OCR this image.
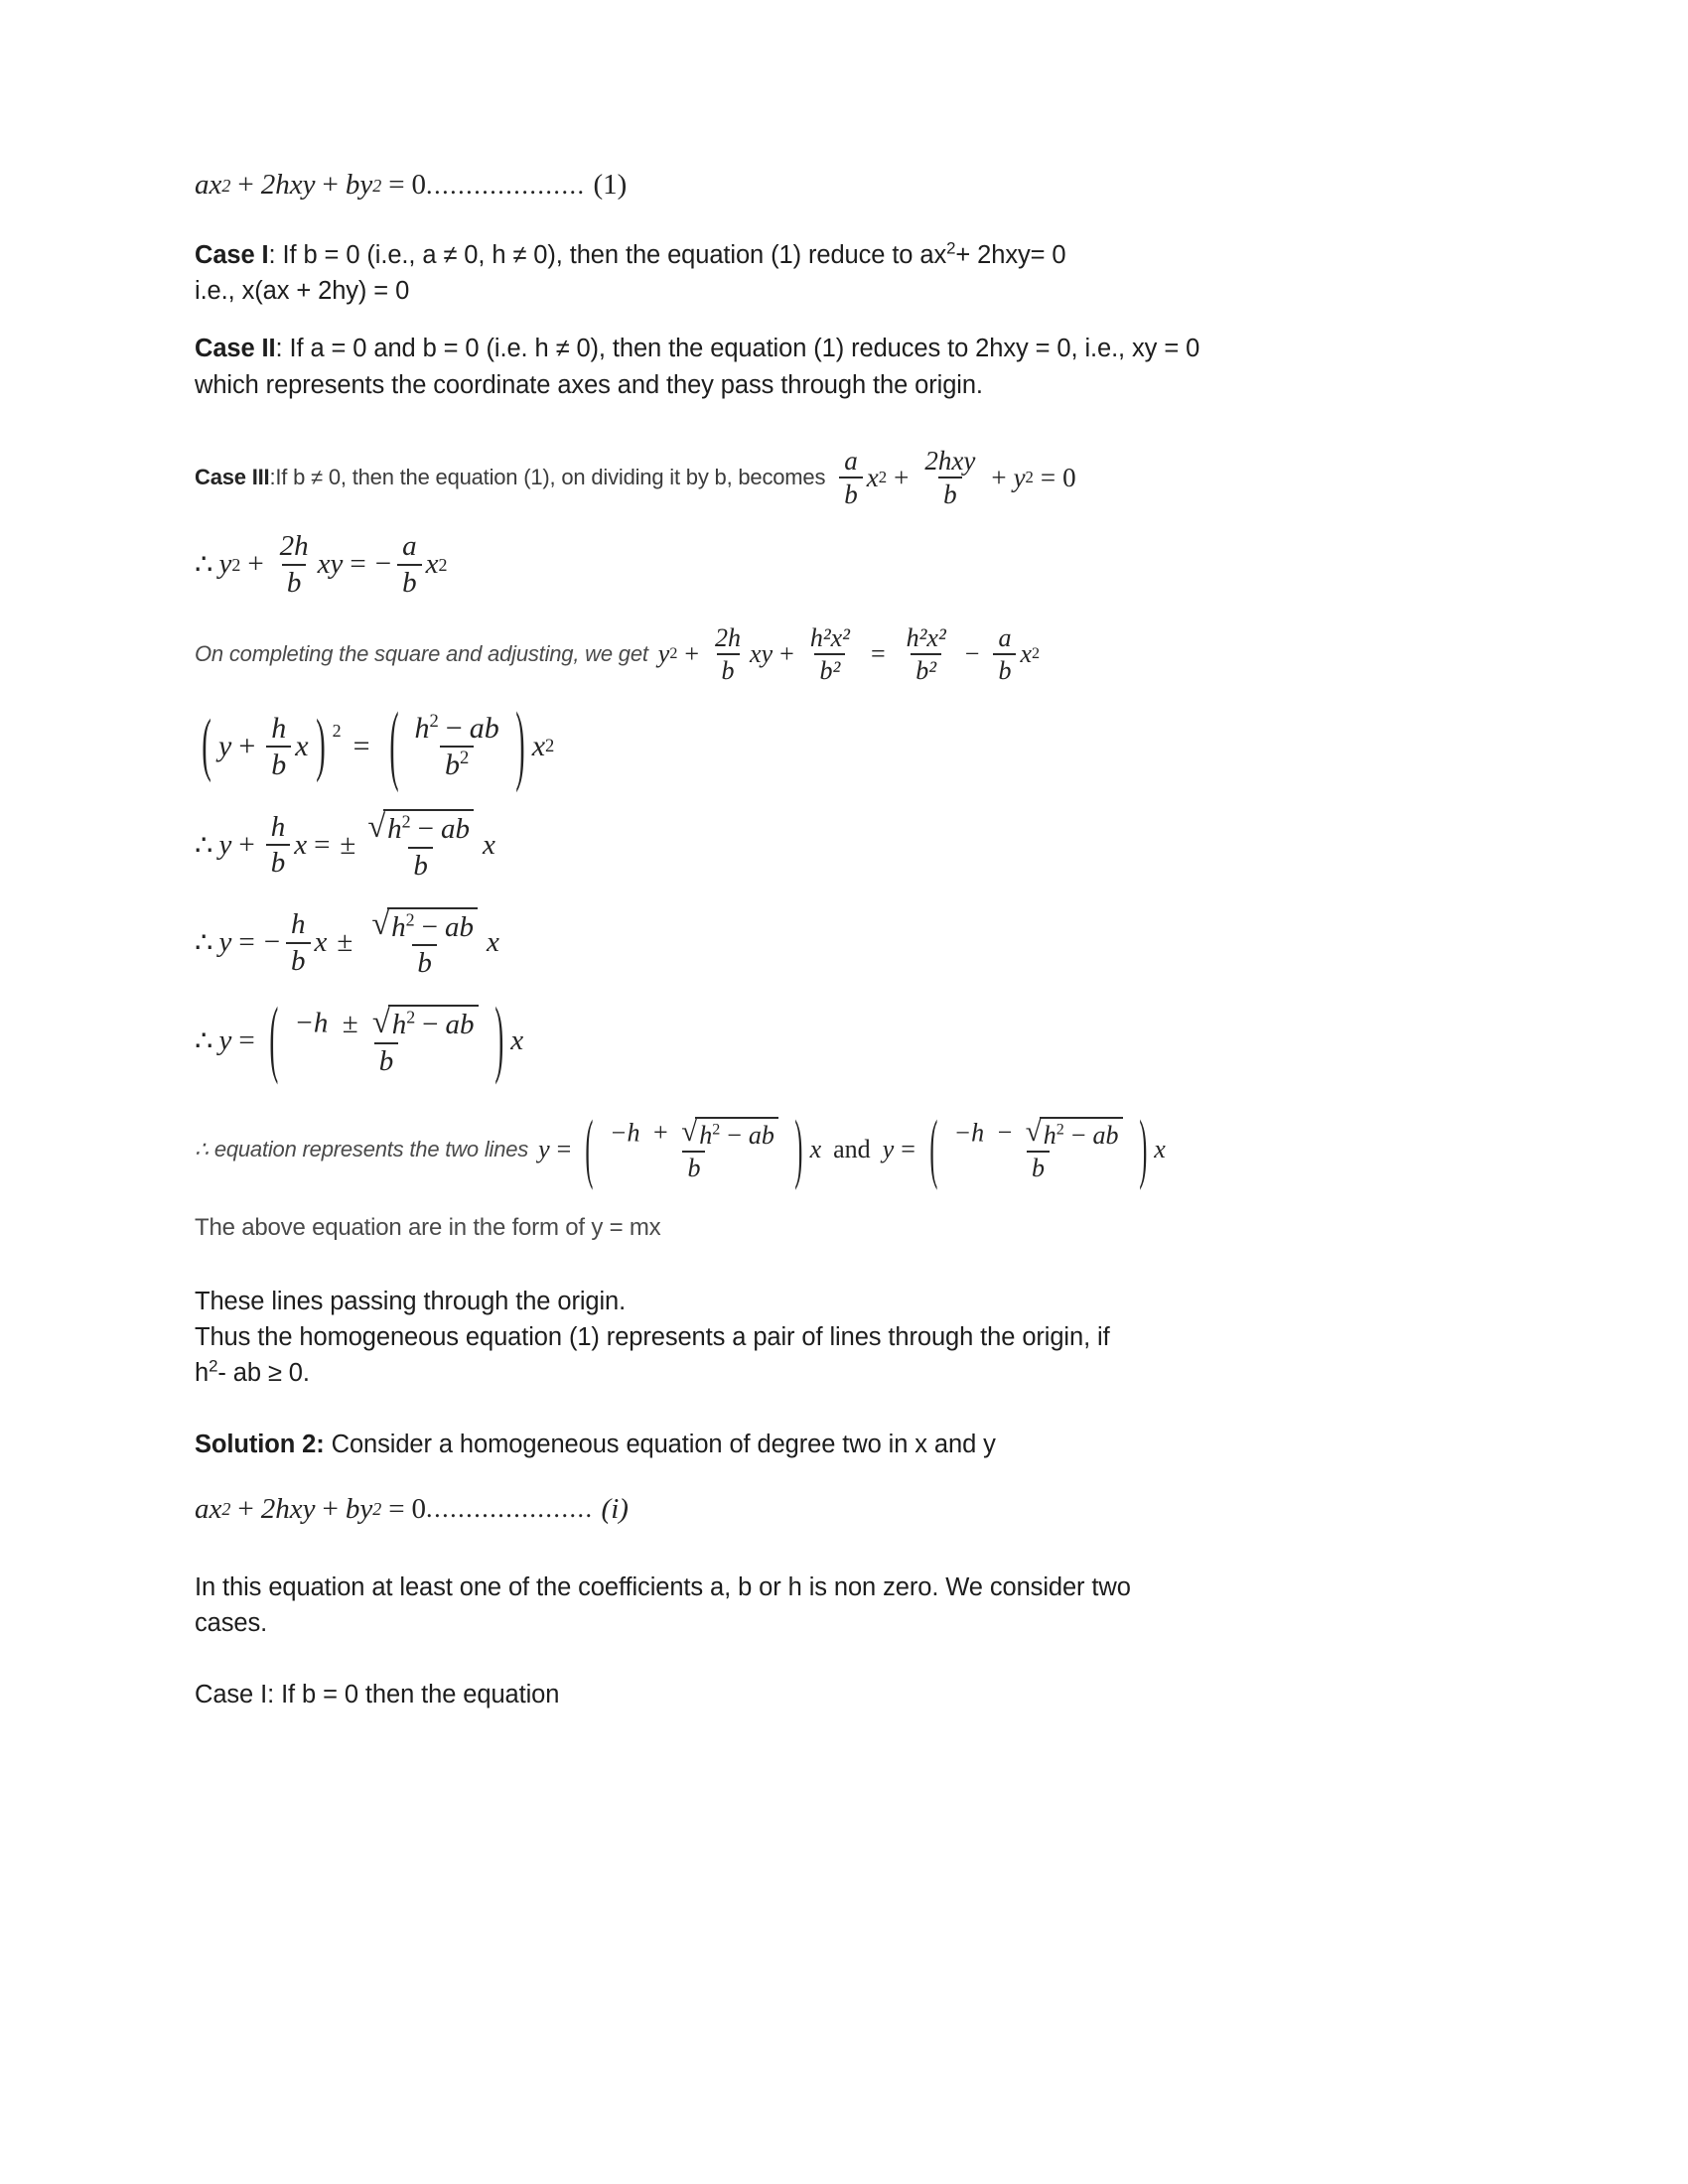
ax 2 + 2hxy + by 2 = 0 .................... (1)

Case I: If b = 0 (i.e., a ≠ 0, h ≠ 0), then the equation (1) reduce to $ax^2+ 2hxy= 0$
i.e., x(ax + 2hy) = 0

Case II: If a = 0 and b = 0 (i.e. h ≠ 0), then the equation (1) reduces to 2hxy = 0, i.e., xy = 0
which represents the coordinate axes and they pass through the origin.

Case III : If b ≠ 0, then the equation (1), on dividing it by b, becomes $\frac{a}{b}$ x $2 + \frac{\text{2hxy}}{b} + y$ 2 = 0
∴ y $2 + \frac{2h}{b}$ xy = − $\frac{a}{b}$ x 2
On completing the square and adjusting, we get y $2 + \frac{2h}{b}$ xy + $\frac{\text{h²x²}}{\text{b²}} = \frac{\text{h²x²}}{\text{b²}} - \frac{a}{b}$ x 2
( $y + \frac{h}{b}$ x ) 2 = ( $\frac{h^2 - ab}{b^2}$ ) x 2
∴ $y + \frac{h}{b}$ x = ± $\frac{√ h^2 - ab}{b}$ x
∴ y = − $\frac{h}{b}$ $x \pm \frac{√ h^2 - ab}{b}$ x
∴ y = ( $\frac{-h \pm √ h^2 - ab}{b}$ ) x
∴ equation represents the two lines y = ( $\frac{-h + √ h^2 - ab}{b}$ ) x and y = ( $\frac{-h - √ h^2 - ab}{b}$ ) x

The above equation are in the form of y = mx

These lines passing through the origin.
Thus the homogeneous equation (1) represents a pair of lines through the origin, if
$h^2-$ ab ≥ 0.

Solution 2: Consider a homogeneous equation of degree two in x and y

ax 2 + 2hxy + by 2 = 0 ..................... (i)

In this equation at least one of the coefficients a, b or h is non zero. We consider two
cases.

Case I: If b = 0 then the equation
